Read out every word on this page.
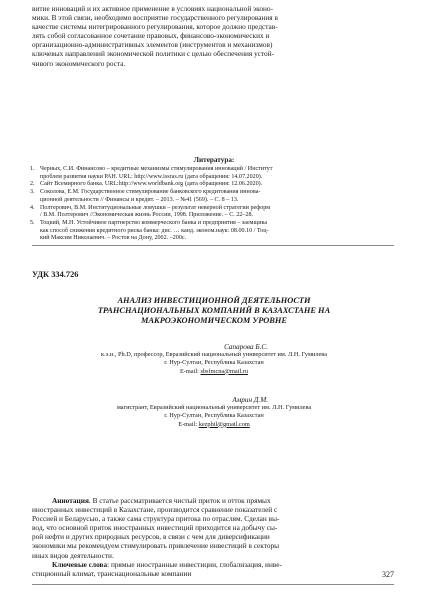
витие инноваций и их активное применение в условиях национальной эконо-
мики. В этой связи, необходимо восприятие государственного регулирования в
качестве системы интегрированного регулирования, которое должно представ-
лять собой согласованное сочетание правовых, финансово-экономических и
организационно-административных элементов (инструментов и механизмов)
ключевых направлений экономической политики с целью обеспечения устой-
чивого экономического роста.
Литература:
1. Черных, С.И. Финансово – кредитные механизмы стимулирования инноваций / Институт
проблем развития науки РАН. URL: http://www.issras.ru (дата обращения: 14.07.2020).
2. Сайт Всемирного банка. URL:http://www.worldbank.org (дата обращения: 12.06.2020).
3. Соколова, Е.М. Государственное стимулирование банковского кредитования иннова-
ционной деятельности // Финансы и кредит. – 2013. – №41 (569). – С. 8 – 13.
4. Полтерович, В.М. Институциональные ловушки – результат неверной стратегии реформ
/ В.М. Полтерович //Экономическая жизнь России, 1998. Приложение. – С. 22–28.
5. Тоцкий, М.Н. Устойчивое партнерство коммерческого банка и предприятия – заемщика
как способ снижения кредитного риска банка: дис. … канд. эконом.наук: 08.00.10 / Тоц-
кий Максим Николаевич. – Ростов на Дону, 2002. –200с.
УДК 334.726
АНАЛИЗ ИНВЕСТИЦИОННОЙ ДЕЯТЕЛЬНОСТИ
ТРАНСНАЦИОНАЛЬНЫХ КОМПАНИЙ В КАЗАХСТАНЕ НА
МАКРОЭКОНОМИЧЕСКОМ УРОВНЕ
Сапарова Б.С.
к.э.н., Ph.D, профессор, Евразийский национальный университет им. Л.Н. Гумилева
г. Нур-Султан, Республика Казахстан
E-mail: sbsfmcna@mail.ru
Амрин Д.М.
магистрант, Евразийский национальный университет им. Л.Н. Гумилева
г. Нур-Султан, Республика Казахстан
E-mail: kezphil@gmail.com
Аннотация. В статье рассматривается чистый приток и отток прямых
иностранных инвестиций в Казахстане, производится сравнение показателей с
Россией и Беларусью, а также сама структура притока по отраслям. Сделан вы-
вод, что основной приток иностранных инвестиций приходится на добычу сы-
рой нефти и других природных ресурсов, в связи с чем для диверсификации
экономики мы рекомендуем стимулировать привлечение инвестиций в секторы
иных видов деятельности.
Ключевые слова: прямые иностранные инвестиции, глобализация, инве-
стиционный климат, транснациональные компании	327
